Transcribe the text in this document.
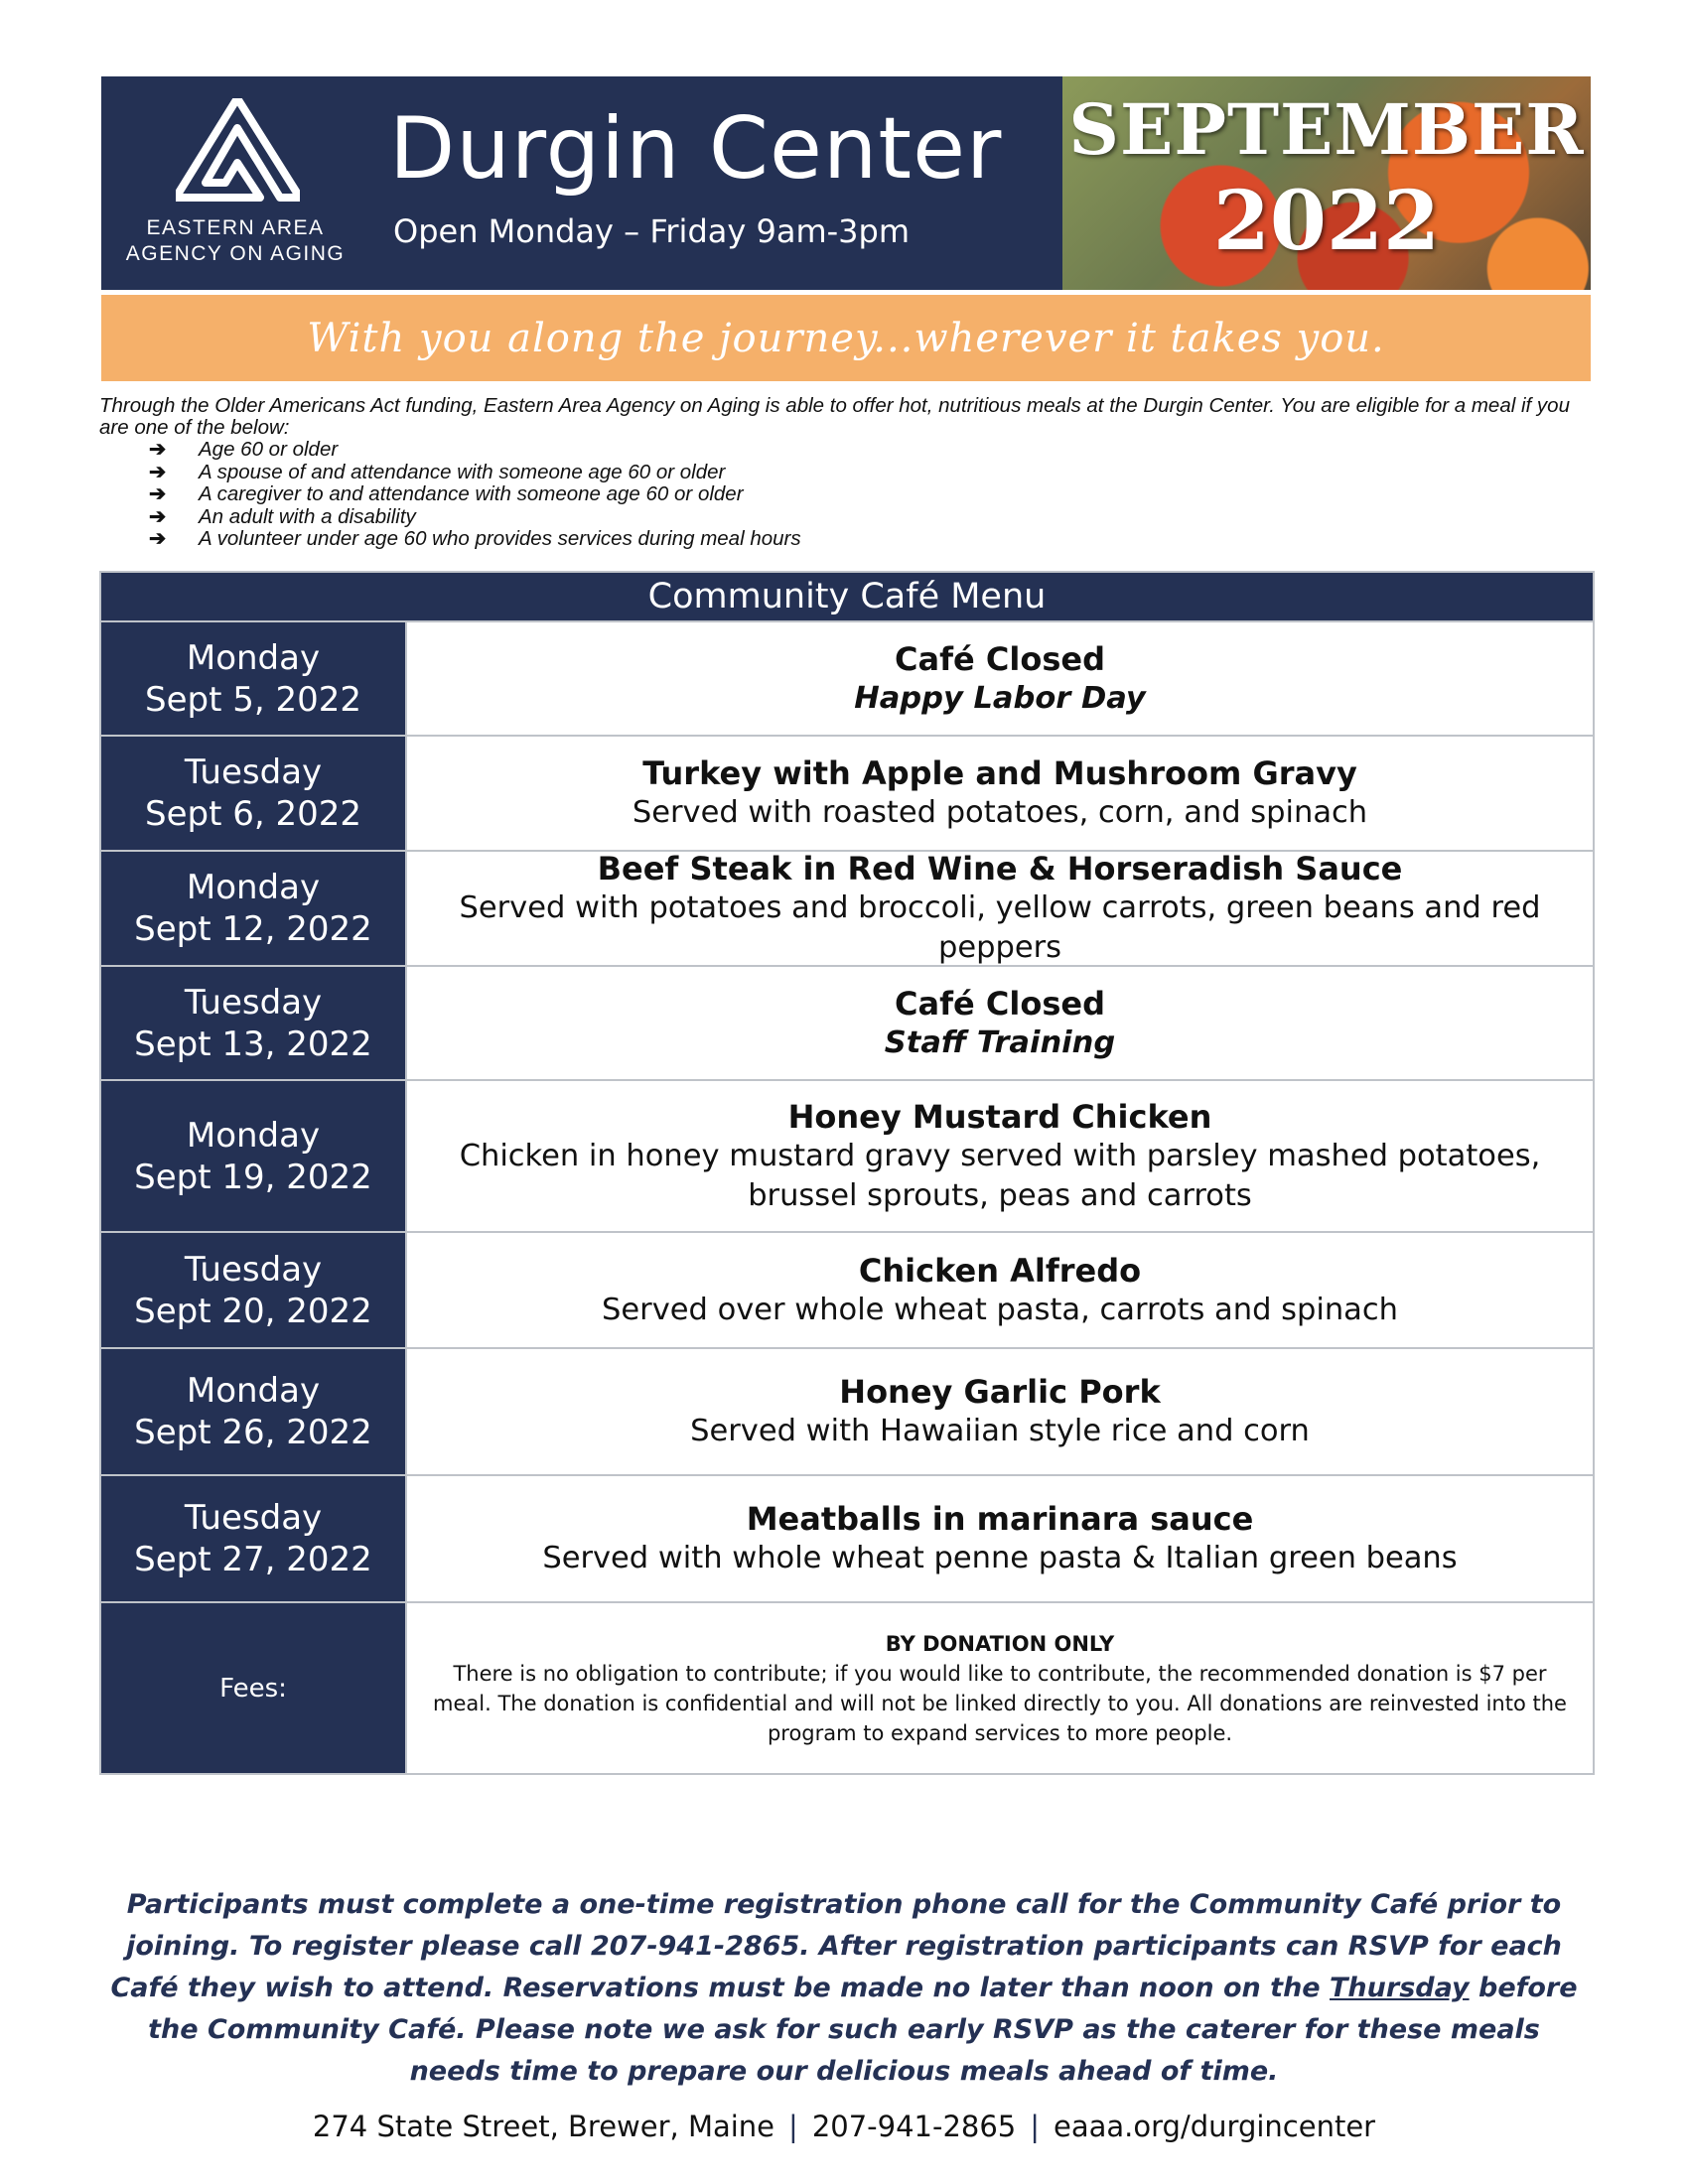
EASTERN AREA
AGENCY ON AGING
Durgin Center
Open Monday – Friday 9am-3pm
SEPTEMBER
2022
With you along the journey...wherever it takes you.
Through the Older Americans Act funding, Eastern Area Agency on Aging is able to offer hot, nutritious meals at the Durgin Center. You are eligible for a meal if you are one of the below:
➔ Age 60 or older
➔ A spouse of and attendance with someone age 60 or older
➔ A caregiver to and attendance with someone age 60 or older
➔ An adult with a disability
➔ A volunteer under age 60 who provides services during meal hours
Community Café Menu
Monday
Sept 5, 2022
Café Closed
Happy Labor Day
Tuesday
Sept 6, 2022
Turkey with Apple and Mushroom Gravy
Served with roasted potatoes, corn, and spinach
Monday
Sept 12, 2022
Beef Steak in Red Wine & Horseradish Sauce
Served with potatoes and broccoli, yellow carrots, green beans and red peppers
Tuesday
Sept 13, 2022
Café Closed
Staff Training
Monday
Sept 19, 2022
Honey Mustard Chicken
Chicken in honey mustard gravy served with parsley mashed potatoes,
brussel sprouts, peas and carrots
Tuesday
Sept 20, 2022
Chicken Alfredo
Served over whole wheat pasta, carrots and spinach
Monday
Sept 26, 2022
Honey Garlic Pork
Served with Hawaiian style rice and corn
Tuesday
Sept 27, 2022
Meatballs in marinara sauce
Served with whole wheat penne pasta & Italian green beans
Fees:
BY DONATION ONLY
There is no obligation to contribute; if you would like to contribute, the recommended donation is $7 per meal. The donation is confidential and will not be linked directly to you. All donations are reinvested into the program to expand services to more people.
Participants must complete a one-time registration phone call for the Community Café prior to joining. To register please call 207-941-2865. After registration participants can RSVP for each Café they wish to attend. Reservations must be made no later than noon on the Thursday before the Community Café. Please note we ask for such early RSVP as the caterer for these meals needs time to prepare our delicious meals ahead of time.
274 State Street, Brewer, Maine | 207-941-2865 | eaaa.org/durgincenter
